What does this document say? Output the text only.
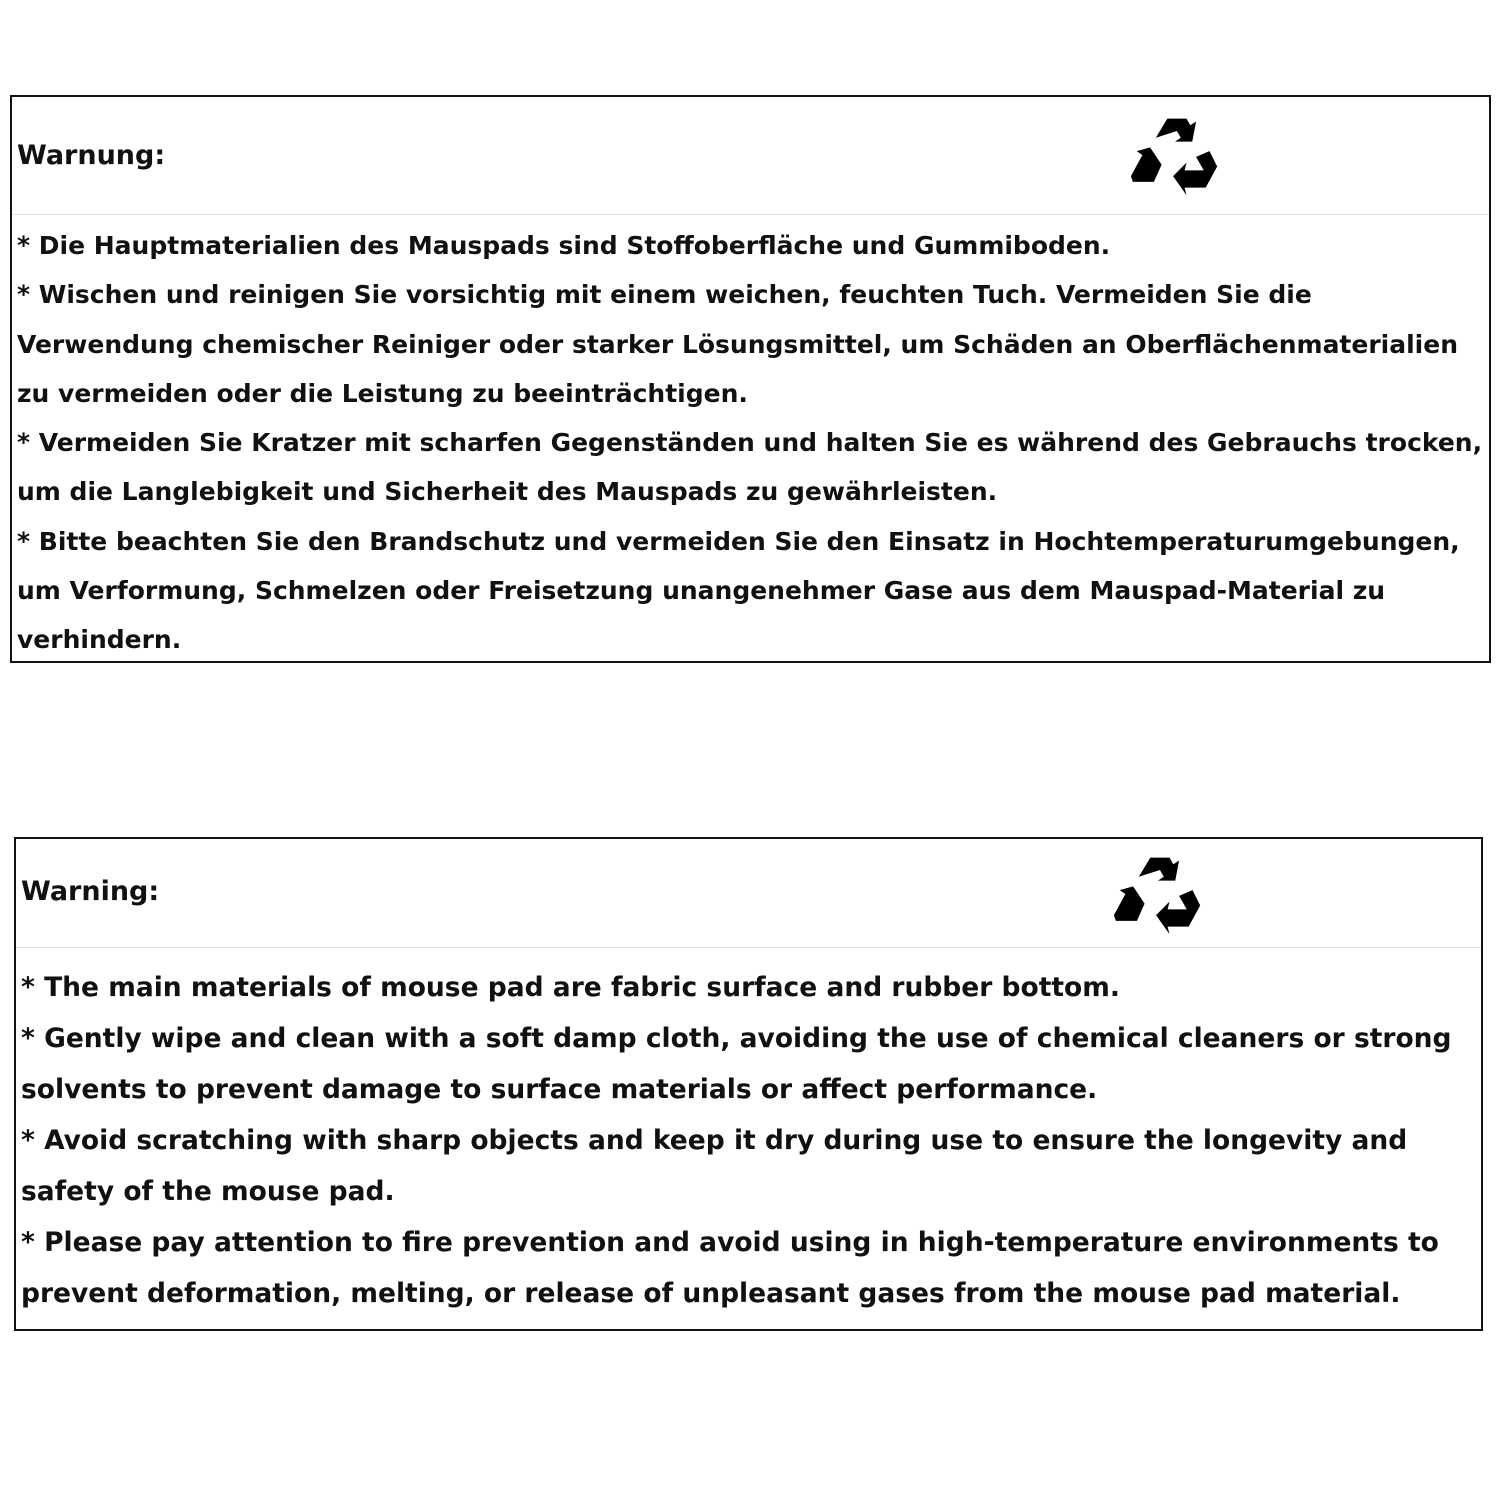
Warnung:
* Die Hauptmaterialien des Mauspads sind Stoffoberfläche und Gummiboden.
* Wischen und reinigen Sie vorsichtig mit einem weichen, feuchten Tuch. Vermeiden Sie die
Verwendung chemischer Reiniger oder starker Lösungsmittel, um Schäden an Oberflächenmaterialien
zu vermeiden oder die Leistung zu beeinträchtigen.
* Vermeiden Sie Kratzer mit scharfen Gegenständen und halten Sie es während des Gebrauchs trocken,
um die Langlebigkeit und Sicherheit des Mauspads zu gewährleisten.
* Bitte beachten Sie den Brandschutz und vermeiden Sie den Einsatz in Hochtemperaturumgebungen,
um Verformung, Schmelzen oder Freisetzung unangenehmer Gase aus dem Mauspad-Material zu
verhindern.
Warning:
* The main materials of mouse pad are fabric surface and rubber bottom.
* Gently wipe and clean with a soft damp cloth, avoiding the use of chemical cleaners or strong
solvents to prevent damage to surface materials or affect performance.
* Avoid scratching with sharp objects and keep it dry during use to ensure the longevity and
safety of the mouse pad.
* Please pay attention to fire prevention and avoid using in high-temperature environments to
prevent deformation, melting, or release of unpleasant gases from the mouse pad material.
